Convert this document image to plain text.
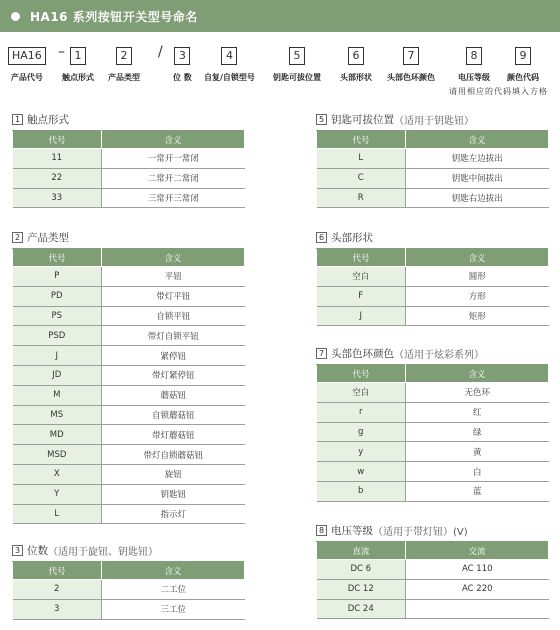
HA16 系列按钮开关型号命名
HA16
产品代号
– 1
触点形式
2
产品类型
/	3
位 数
4
自复/自锁型号
5
钥匙可拔位置
6
头部形状
7
头部色环颜色
8
电压等级
9
颜色代码
请用相应的代码填入方格
1 触点形式
代号	含义
11	一常开一常闭
22	二常开二常闭
33	三常开三常闭
2 产品类型
代号	含义
P	平钮
PD	带灯平钮
PS	自锁平钮
PSD	带灯自锁平钮
J	紧停钮
JD	带灯紧停钮
M	蘑菇钮
MS	自锁蘑菇钮
MD	带灯蘑菇钮
MSD	带灯自锁蘑菇钮
X	旋钮
Y	钥匙钮
L	指示灯
3 位数 （适用于旋钮、钥匙钮）
代号	含义
2	二工位
3	三工位
5 钥匙可拔位置 （适用于钥匙钮）
代号	含义
L	钥匙左边拔出
C	钥匙中间拔出
R	钥匙右边拔出
6 头部形状
代号	含义
空白	圆形
F	方形
J	矩形
7 头部色环颜色 （适用于炫彩系列）
代号	含义
空白	无色环
r	红
g	绿
y	黄
w	白
b	蓝
8 电压等级 （适用于带灯钮）(V)
直流	交流
DC 6	AC 110
DC 12	AC 220
DC 24	
